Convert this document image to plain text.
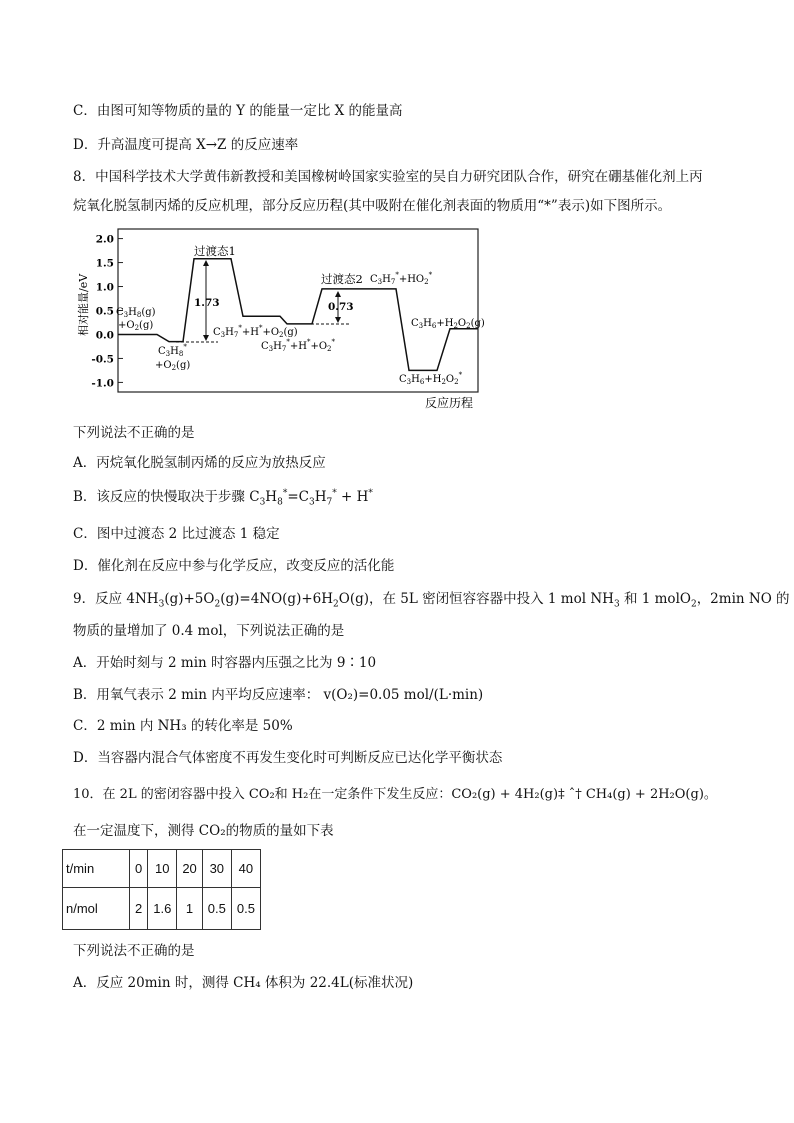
C．由图可知等物质的量的 Y 的能量一定比 X 的能量高
D．升高温度可提高 X→Z 的反应速率
8．中国科学技术大学黄伟新教授和美国橡树岭国家实验室的吴自力研究团队合作，研究在硼基催化剂上丙
烷氧化脱氢制丙烯的反应机理，部分反应历程(其中吸附在催化剂表面的物质用“*”表示)如下图所示。
2.0
1.5
1.0
0.5
0.0
-0.5
-1.0
相对能量/eV
反应历程
过渡态1
过渡态2
1.73	0.73
$C_3H_8(g)$
$+O_2(g)$
$C_3H_8^*$
$+O_2(g)$
$C_3H_7^*+H^*+O_2(g)$
$C_3H_7^*+H^*+O_2^*$
$C_3H_7^*+HO_2^*$
$C_3H_6+H_2O_2(g)$
$C_3H_6+H_2O_2^*$
下列说法不正确的是
A．丙烷氧化脱氢制丙烯的反应为放热反应
B．该反应的快慢取决于步骤 $C_3H_8^*=C_3H_7^* + H^*$
C．图中过渡态 2 比过渡态 1 稳定
D．催化剂在反应中参与化学反应，改变反应的活化能
9．反应 $4NH_3(g)+5O_2(g)=4NO(g)+6H_2O(g)$，在 5L 密闭恒容容器中投入 1 mol $NH_3$ 和 1 molO$_2$，2min NO 的
物质的量增加了 0.4 mol，下列说法正确的是
A．开始时刻与 2 min 时容器内压强之比为 9∶10
B．用氧气表示 2 min 内平均反应速率： v(O₂)=0.05 mol/(L·min)
C．2 min 内 NH₃ 的转化率是 50%
D．当容器内混合气体密度不再发生变化时可判断反应已达化学平衡状态
10．在 2L 的密闭容器中投入 CO₂和 H₂在一定条件下发生反应：CO₂(g) + 4H₂(g)‡ ˆ† CH₄(g) + 2H₂O(g)。
在一定温度下，测得 CO₂的物质的量如下表
t/min	0	10	20	30	40
n/mol	2	1.6	1	0.5	0.5
下列说法不正确的是
A．反应 20min 时，测得 CH₄ 体积为 22.4L(标准状况)
